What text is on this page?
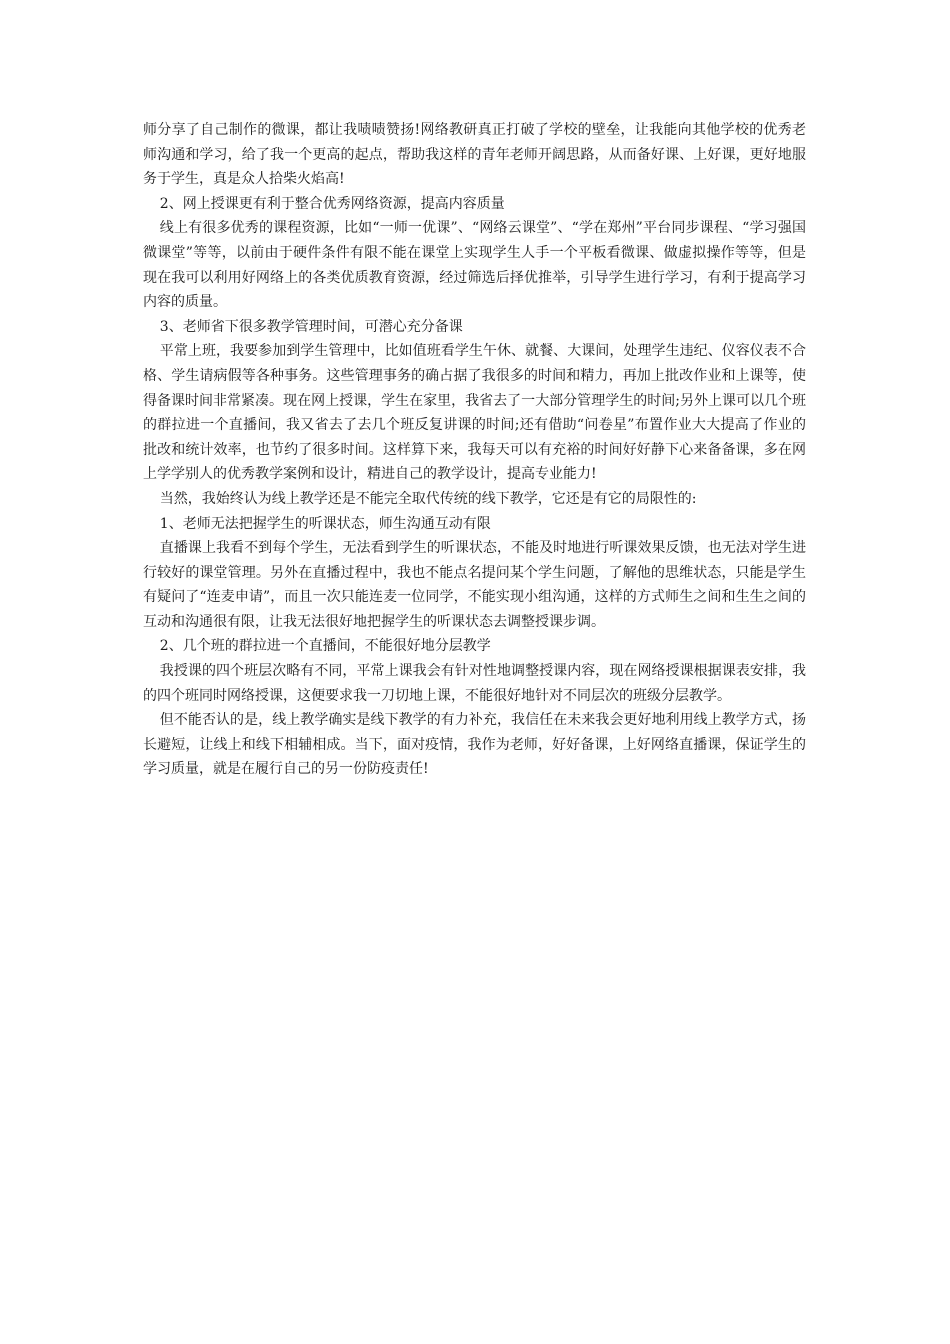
师分享了自己制作的微课，都让我啧啧赞扬!网络教研真正打破了学校的壁垒，让我能向其他学校的优秀老师沟通和学习，给了我一个更高的起点，帮助我这样的青年老师开阔思路，从而备好课、上好课，更好地服务于学生，真是众人拾柴火焰高!

2、网上授课更有利于整合优秀网络资源，提高内容质量

线上有很多优秀的课程资源，比如“一师一优课”、“网络云课堂”、“学在郑州”平台同步课程、“学习强国微课堂”等等，以前由于硬件条件有限不能在课堂上实现学生人手一个平板看微课、做虚拟操作等等，但是现在我可以利用好网络上的各类优质教育资源，经过筛选后择优推举，引导学生进行学习，有利于提高学习内容的质量。

3、老师省下很多教学管理时间，可潜心充分备课

平常上班，我要参加到学生管理中，比如值班看学生午休、就餐、大课间，处理学生违纪、仪容仪表不合格、学生请病假等各种事务。这些管理事务的确占据了我很多的时间和精力，再加上批改作业和上课等，使得备课时间非常紧凑。现在网上授课，学生在家里，我省去了一大部分管理学生的时间;另外上课可以几个班的群拉进一个直播间，我又省去了去几个班反复讲课的时间;还有借助“问卷星”布置作业大大提高了作业的批改和统计效率，也节约了很多时间。这样算下来，我每天可以有充裕的时间好好静下心来备备课，多在网上学学别人的优秀教学案例和设计，精进自己的教学设计，提高专业能力!

当然，我始终认为线上教学还是不能完全取代传统的线下教学，它还是有它的局限性的:

1、老师无法把握学生的听课状态，师生沟通互动有限

直播课上我看不到每个学生，无法看到学生的听课状态，不能及时地进行听课效果反馈，也无法对学生进行较好的课堂管理。另外在直播过程中，我也不能点名提问某个学生问题，了解他的思维状态，只能是学生有疑问了“连麦申请”，而且一次只能连麦一位同学，不能实现小组沟通，这样的方式师生之间和生生之间的互动和沟通很有限，让我无法很好地把握学生的听课状态去调整授课步调。

2、几个班的群拉进一个直播间，不能很好地分层教学

我授课的四个班层次略有不同，平常上课我会有针对性地调整授课内容，现在网络授课根据课表安排，我的四个班同时网络授课，这便要求我一刀切地上课，不能很好地针对不同层次的班级分层教学。

但不能否认的是，线上教学确实是线下教学的有力补充，我信任在未来我会更好地利用线上教学方式，扬长避短，让线上和线下相辅相成。当下，面对疫情，我作为老师，好好备课，上好网络直播课，保证学生的学习质量，就是在履行自己的另一份防疫责任!
